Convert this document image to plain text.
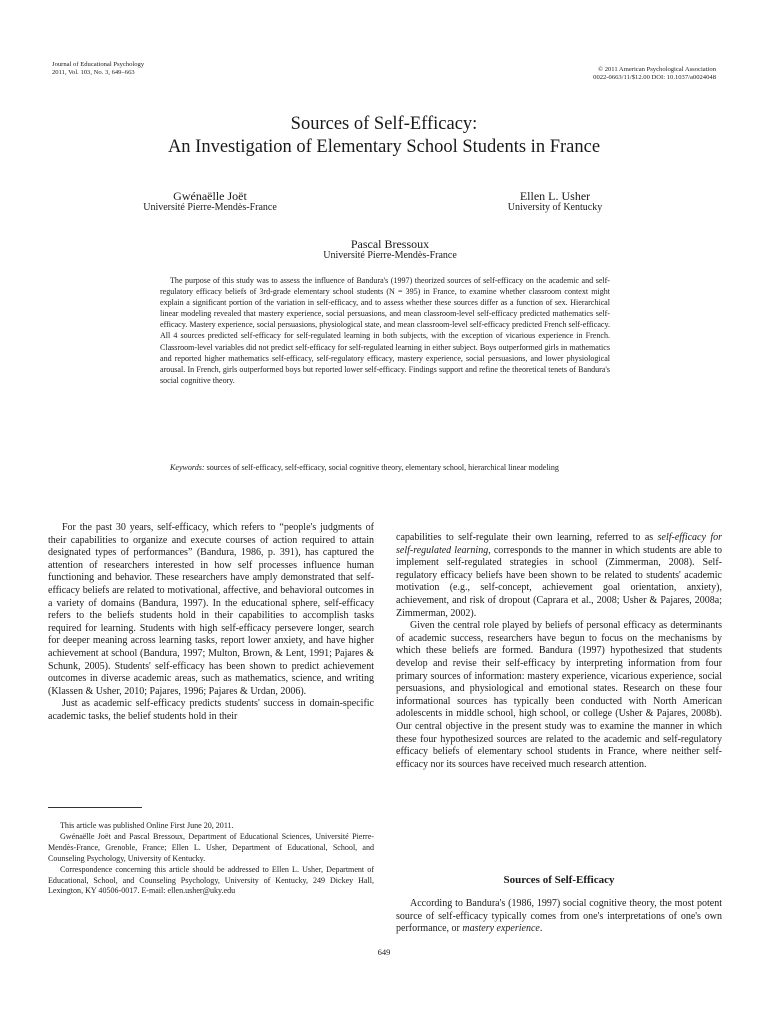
Journal of Educational Psychology
2011, Vol. 103, No. 3, 649–663	© 2011 American Psychological Association
0022-0663/11/$12.00 DOI: 10.1037/a0024048
Sources of Self-Efficacy:
An Investigation of Elementary School Students in France
Gwénaëlle Joët
Université Pierre-Mendès-France
Ellen L. Usher
University of Kentucky
Pascal Bressoux
Université Pierre-Mendès-France
The purpose of this study was to assess the influence of Bandura's (1997) theorized sources of self-efficacy on the academic and self-regulatory efficacy beliefs of 3rd-grade elementary school students (N = 395) in France, to examine whether classroom context might explain a significant portion of the variation in self-efficacy, and to assess whether these sources differ as a function of sex. Hierarchical linear modeling revealed that mastery experience, social persuasions, and mean classroom-level self-efficacy predicted mathematics self-efficacy. Mastery experience, social persuasions, physiological state, and mean classroom-level self-efficacy predicted French self-efficacy. All 4 sources predicted self-efficacy for self-regulated learning in both subjects, with the exception of vicarious experience in French. Classroom-level variables did not predict self-efficacy for self-regulated learning in either subject. Boys outperformed girls in mathematics and reported higher mathematics self-efficacy, self-regulatory efficacy, mastery experience, social persuasions, and lower physiological arousal. In French, girls outperformed boys but reported lower self-efficacy. Findings support and refine the theoretical tenets of Bandura's social cognitive theory.
Keywords: sources of self-efficacy, self-efficacy, social cognitive theory, elementary school, hierarchical linear modeling

For the past 30 years, self-efficacy, which refers to “people's judgments of their capabilities to organize and execute courses of action required to attain designated types of performances” (Bandura, 1986, p. 391), has captured the attention of researchers interested in how self processes influence human functioning and behavior. These researchers have amply demonstrated that self-efficacy beliefs are related to motivational, affective, and behavioral outcomes in a variety of domains (Bandura, 1997). In the educational sphere, self-efficacy refers to the beliefs students hold in their capabilities to accomplish tasks required for learning. Students with high self-efficacy persevere longer, search for deeper meaning across learning tasks, report lower anxiety, and have higher achievement at school (Bandura, 1997; Multon, Brown, & Lent, 1991; Pajares & Schunk, 2005). Students' self-efficacy has been shown to predict achievement outcomes in diverse academic areas, such as mathematics, science, and writing (Klassen & Usher, 2010; Pajares, 1996; Pajares & Urdan, 2006).

Just as academic self-efficacy predicts students' success in domain-specific academic tasks, the belief students hold in their

This article was published Online First June 20, 2011.

Gwénaëlle Joët and Pascal Bressoux, Department of Educational Sciences, Université Pierre-Mendès-France, Grenoble, France; Ellen L. Usher, Department of Educational, School, and Counseling Psychology, University of Kentucky.

Correspondence concerning this article should be addressed to Ellen L. Usher, Department of Educational, School, and Counseling Psychology, University of Kentucky, 249 Dickey Hall, Lexington, KY 40506-0017. E-mail: ellen.usher@uky.edu

capabilities to self-regulate their own learning, referred to as self-efficacy for self-regulated learning, corresponds to the manner in which students are able to implement self-regulated strategies in school (Zimmerman, 2008). Self-regulatory efficacy beliefs have been shown to be related to students' academic motivation (e.g., self-concept, achievement goal orientation, anxiety), achievement, and risk of dropout (Caprara et al., 2008; Usher & Pajares, 2008a; Zimmerman, 2002).

Given the central role played by beliefs of personal efficacy as determinants of academic success, researchers have begun to focus on the mechanisms by which these beliefs are formed. Bandura (1997) hypothesized that students develop and revise their self-efficacy by interpreting information from four primary sources of information: mastery experience, vicarious experience, social persuasions, and physiological and emotional states. Research on these four informational sources has typically been conducted with North American adolescents in middle school, high school, or college (Usher & Pajares, 2008b). Our central objective in the present study was to examine the manner in which these four hypothesized sources are related to the academic and self-regulatory efficacy beliefs of elementary school students in France, where neither self-efficacy nor its sources have received much research attention.

Sources of Self-Efficacy

According to Bandura's (1986, 1997) social cognitive theory, the most potent source of self-efficacy typically comes from one's interpretations of one's own performance, or mastery experience.

649
